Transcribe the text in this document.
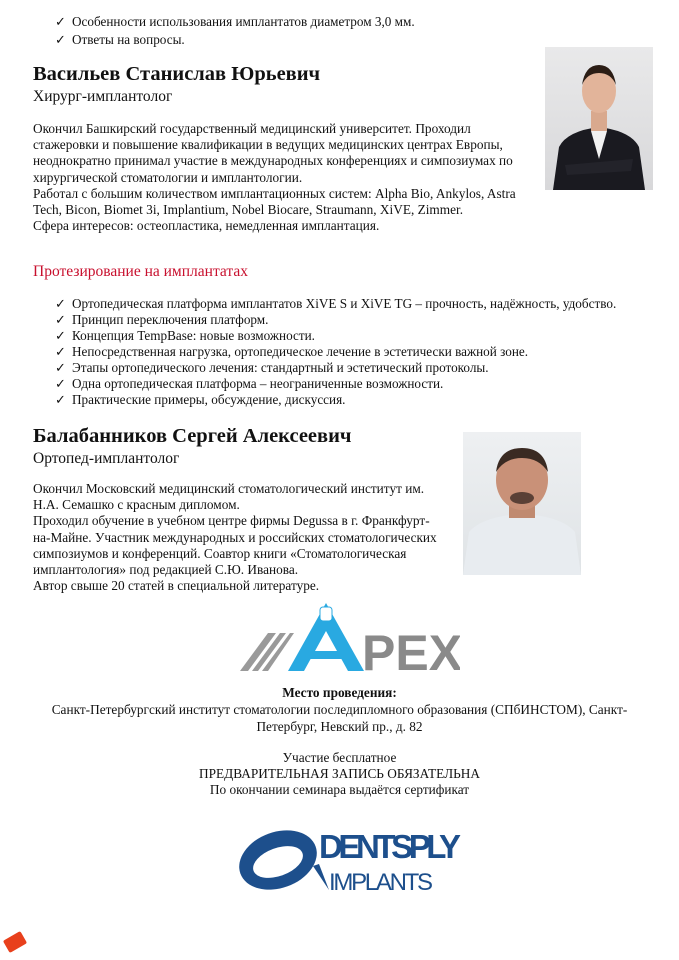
✓ Особенности использования имплантатов диаметром 3,0 мм.
✓ Ответы на вопросы.
Васильев Станислав Юрьевич
Хирург-имплантолог
Окончил Башкирский государственный медицинский университет. Проходил
стажеровки и повышение квалификации в ведущих медицинских центрах Европы,
неоднократно принимал участие в международных конференциях и симпозиумах по
хирургической стоматологии и имплантологии.
Работал с большим количеством имплантационных систем: Alpha Bio, Ankylos, Astra
Tech, Bicon, Biomet 3i, Implantium, Nobel Biocare, Straumann, XiVE, Zimmer.
Сфера интересов: остеопластика, немедленная имплантация.
Протезирование на имплантатах
✓ Ортопедическая платформа имплантатов XiVE S и XiVE TG – прочность, надёжность, удобство.
✓ Принцип переключения платформ.
✓ Концепция TempBase: новые возможности.
✓ Непосредственная нагрузка, ортопедическое лечение в эстетически важной зоне.
✓ Этапы ортопедического лечения: стандартный и эстетический протоколы.
✓ Одна ортопедическая платформа – неограниченные возможности.
✓ Практические примеры, обсуждение, дискуссия.
Балабанников Сергей Алексеевич
Ортопед-имплантолог
Окончил Московский медицинский стоматологический институт им.
Н.А. Семашко с красным дипломом.
Проходил обучение в учебном центре фирмы Degussa в г. Франкфурт-
на-Майне. Участник международных и российских стоматологических
симпозиумов и конференций. Соавтор книги «Стоматологическая
имплантология» под редакцией С.Ю. Иванова.
Автор свыше 20 статей в специальной литературе.
PEX
Место проведения:
Санкт-Петербургский институт стоматологии последипломного образования (СПбИНСТОМ), Санкт-
Петербург, Невский пр., д. 82
Участие бесплатное
ПРЕДВАРИТЕЛЬНАЯ ЗАПИСЬ ОБЯЗАТЕЛЬНА
По окончании семинара выдаётся сертификат
DENTSPLY
IMPLANTS
